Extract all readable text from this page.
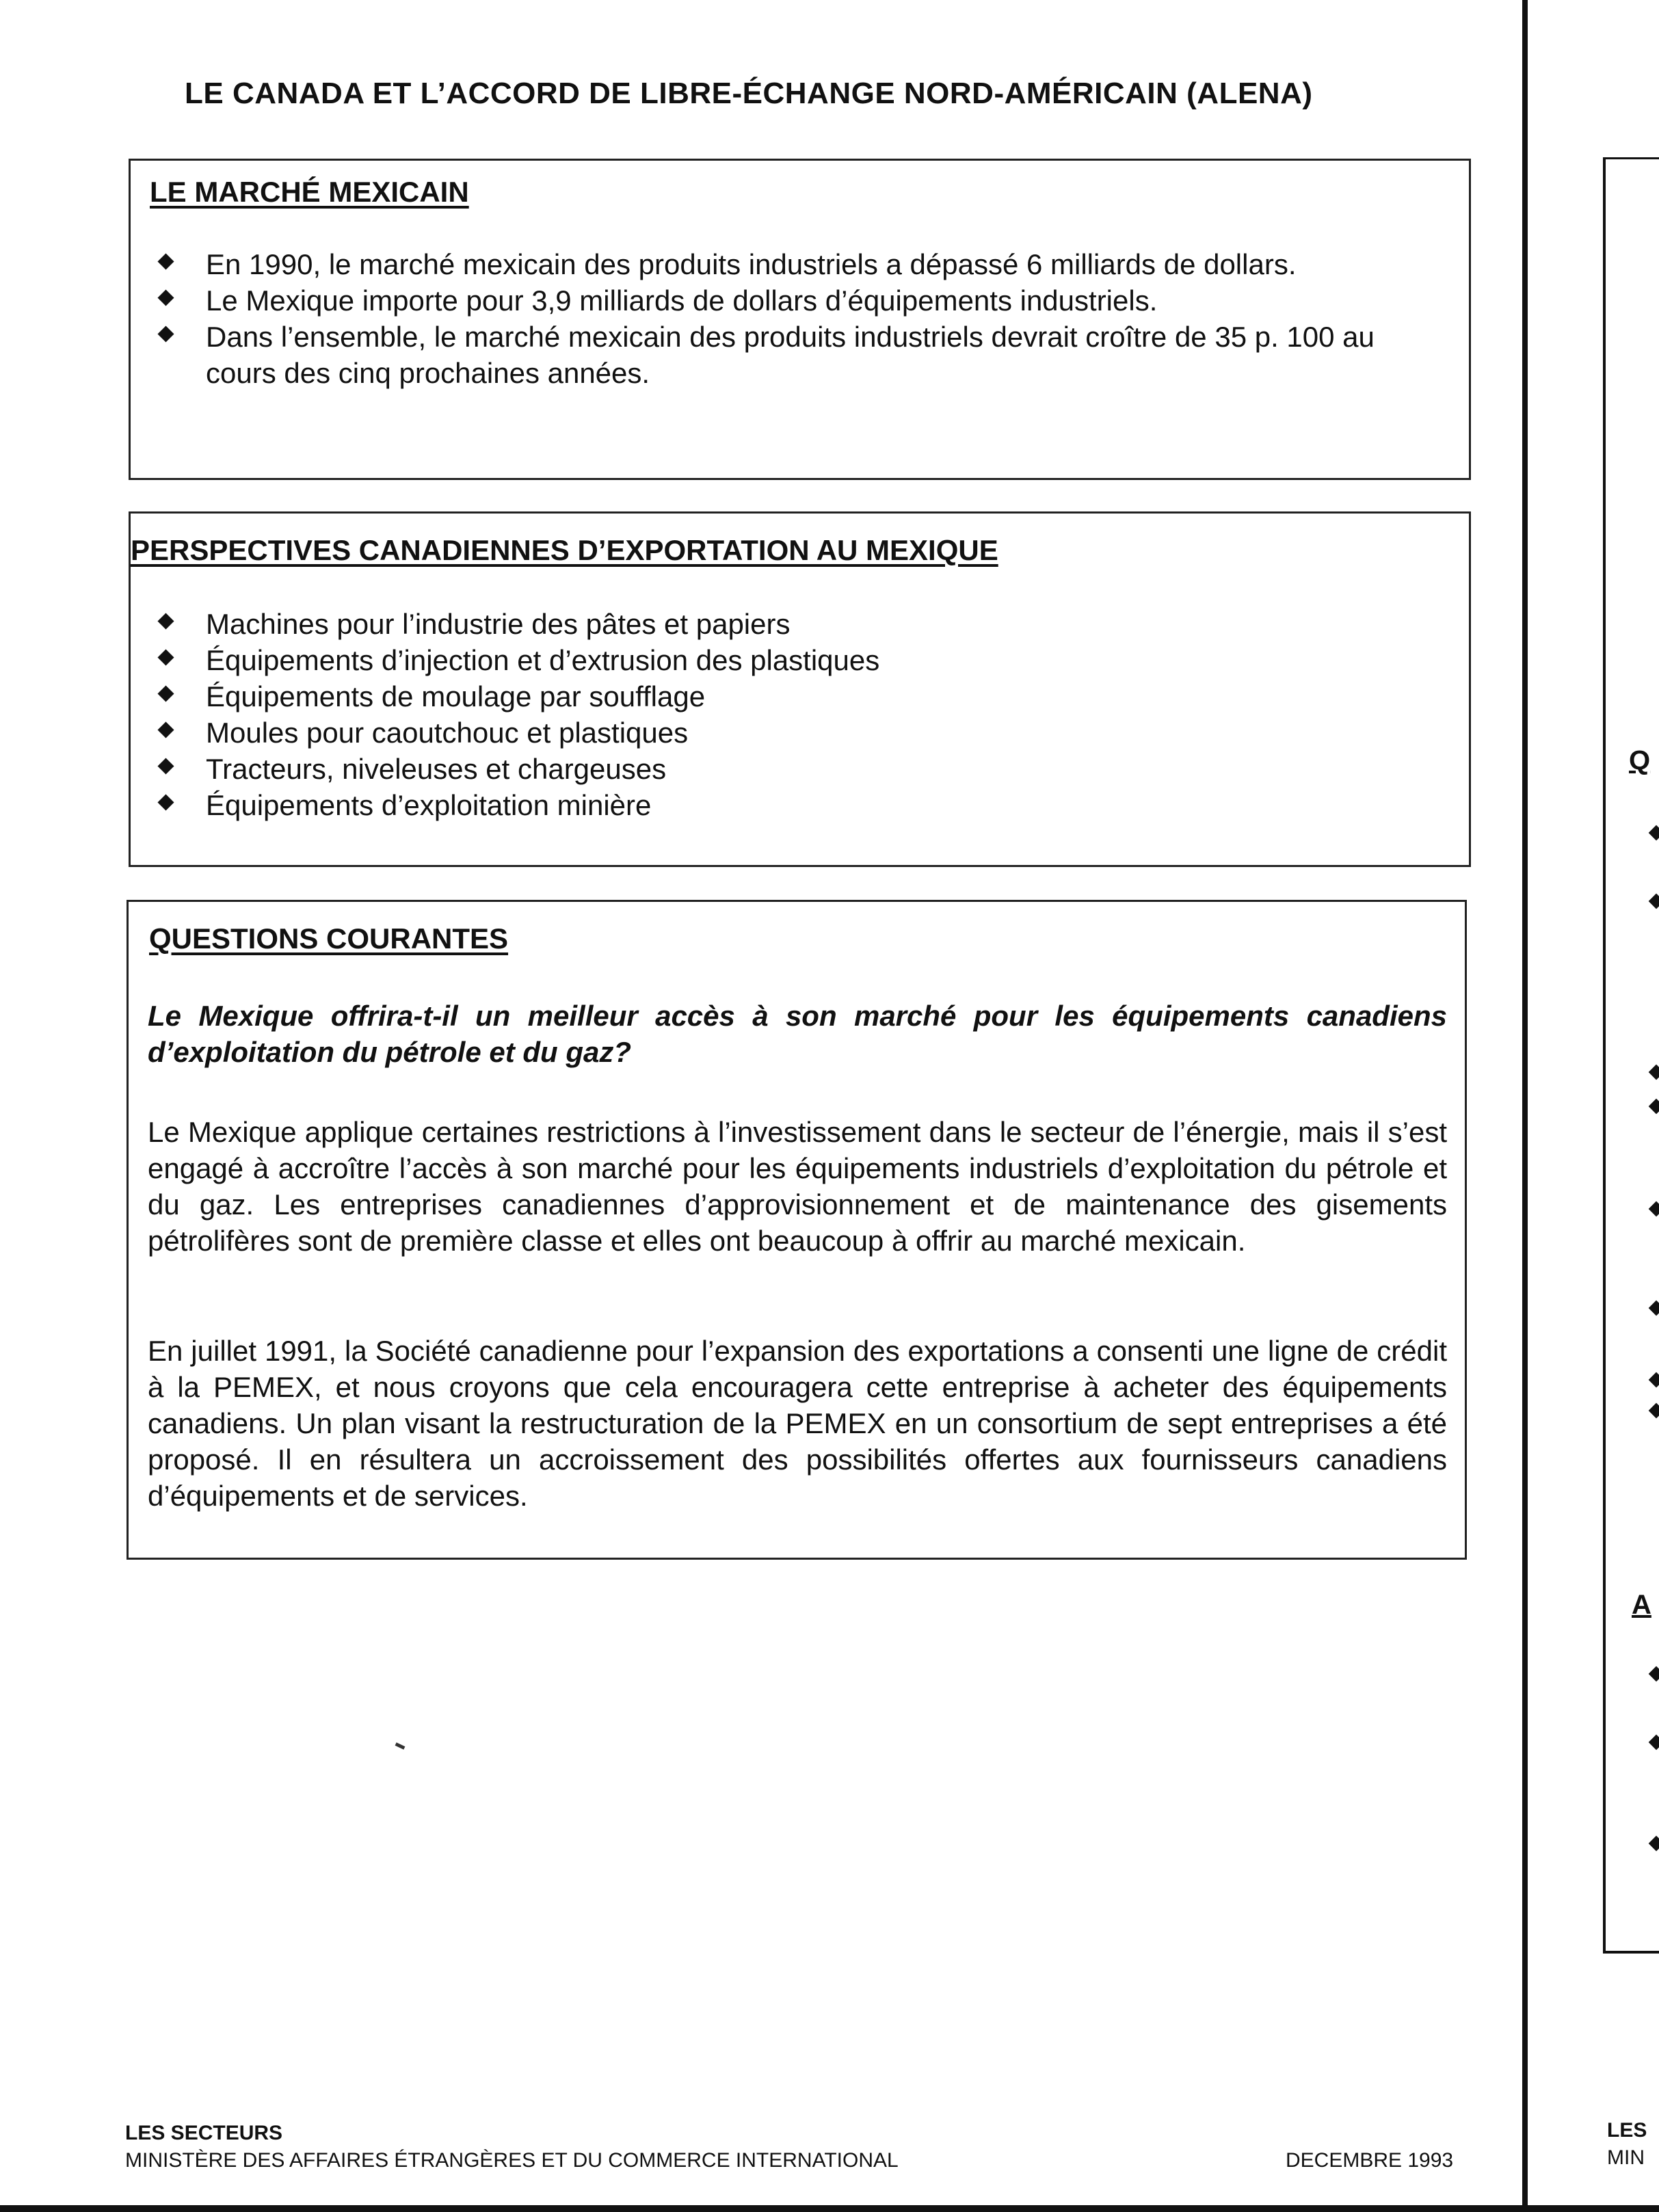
LE CANADA ET L’ACCORD DE LIBRE-ÉCHANGE NORD-AMÉRICAIN (ALENA)
LE MARCHÉ MEXICAIN
En 1990, le marché mexicain des produits industriels a dépassé 6 milliards de dollars.
Le Mexique importe pour 3,9 milliards de dollars d’équipements industriels.
Dans l’ensemble, le marché mexicain des produits industriels devrait croître de 35 p. 100 au cours des cinq prochaines années.
PERSPECTIVES CANADIENNES D’EXPORTATION AU MEXIQUE
Machines pour l’industrie des pâtes et papiers
Équipements d’injection et d’extrusion des plastiques
Équipements de moulage par soufflage
Moules pour caoutchouc et plastiques
Tracteurs, niveleuses et chargeuses
Équipements d’exploitation minière
QUESTIONS COURANTES
Le Mexique offrira-t-il un meilleur accès à son marché pour les équipements canadiens d’exploitation du pétrole et du gaz?
Le Mexique applique certaines restrictions à l’investissement dans le secteur de l’énergie, mais il s’est engagé à accroître l’accès à son marché pour les équipements industriels d’exploitation du pétrole et du gaz. Les entreprises canadiennes d’approvisionnement et de maintenance des gisements pétrolifères sont de première classe et elles ont beaucoup à offrir au marché mexicain.
En juillet 1991, la Société canadienne pour l’expansion des exportations a consenti une ligne de crédit à la PEMEX, et nous croyons que cela encouragera cette entreprise à acheter des équipements canadiens. Un plan visant la restructuration de la PEMEX en un consortium de sept entreprises a été proposé. Il en résultera un accroissement des possibilités offertes aux fournisseurs canadiens d’équipements et de services.
LES SECTEURS
MINISTÈRE DES AFFAIRES ÉTRANGÈRES ET DU COMMERCE INTERNATIONAL	DECEMBRE 1993
Q
A
LES
MIN
